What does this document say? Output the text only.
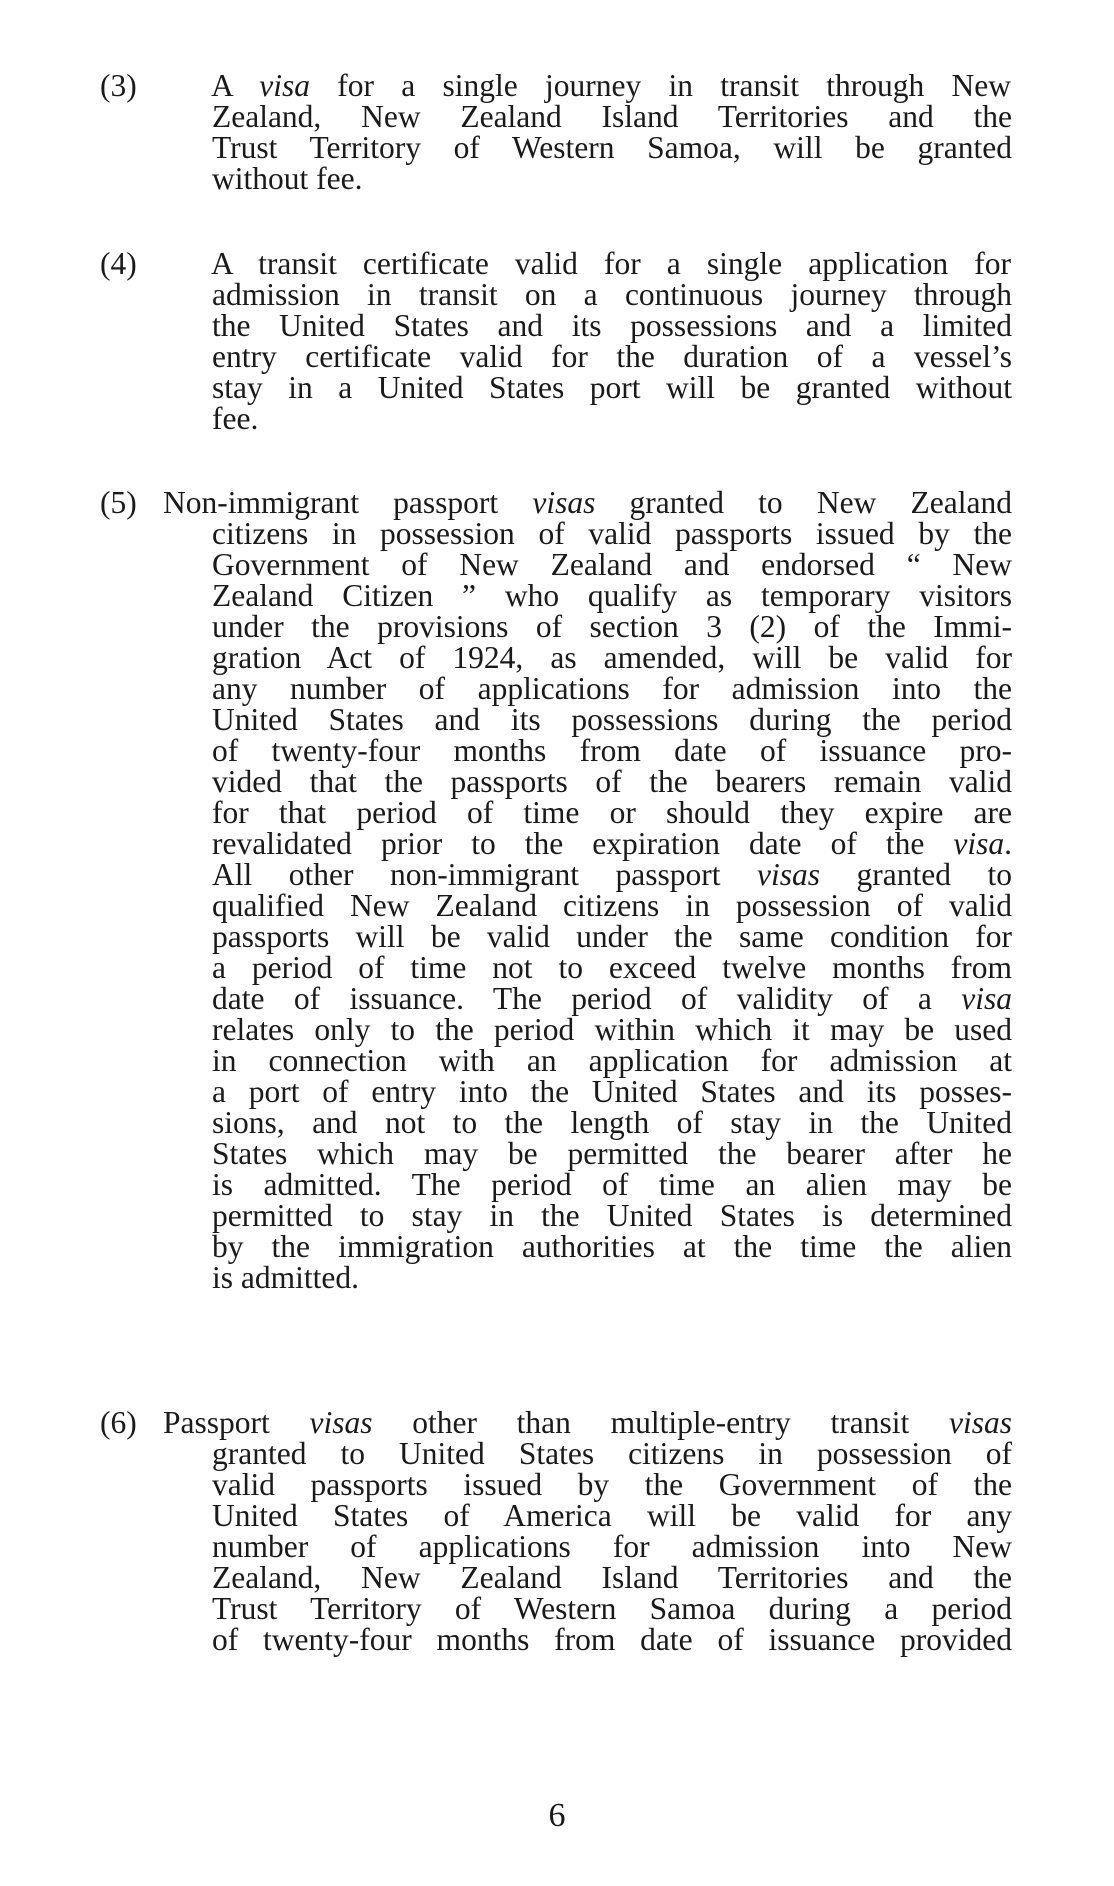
(3) A visa for a single journey in transit through New
Zealand, New Zealand Island Territories and the
Trust Territory of Western Samoa, will be granted
without fee.
(4) A transit certificate valid for a single application for
admission in transit on a continuous journey through
the United States and its possessions and a limited
entry certificate valid for the duration of a vessel’s
stay in a United States port will be granted without
fee.
(5) Non-immigrant passport visas granted to New Zealand
citizens in possession of valid passports issued by the
Government of New Zealand and endorsed “ New
Zealand Citizen ” who qualify as temporary visitors
under the provisions of section 3 (2) of the Immi-
gration Act of 1924, as amended, will be valid for
any number of applications for admission into the
United States and its possessions during the period
of twenty-four months from date of issuance pro-
vided that the passports of the bearers remain valid
for that period of time or should they expire are
revalidated prior to the expiration date of the visa.
All other non-immigrant passport visas granted to
qualified New Zealand citizens in possession of valid
passports will be valid under the same condition for
a period of time not to exceed twelve months from
date of issuance. The period of validity of a visa
relates only to the period within which it may be used
in connection with an application for admission at
a port of entry into the United States and its posses-
sions, and not to the length of stay in the United
States which may be permitted the bearer after he
is admitted. The period of time an alien may be
permitted to stay in the United States is determined
by the immigration authorities at the time the alien
is admitted.
(6) Passport visas other than multiple-entry transit visas
granted to United States citizens in possession of
valid passports issued by the Government of the
United States of America will be valid for any
number of applications for admission into New
Zealand, New Zealand Island Territories and the
Trust Territory of Western Samoa during a period
of twenty-four months from date of issuance provided
6
